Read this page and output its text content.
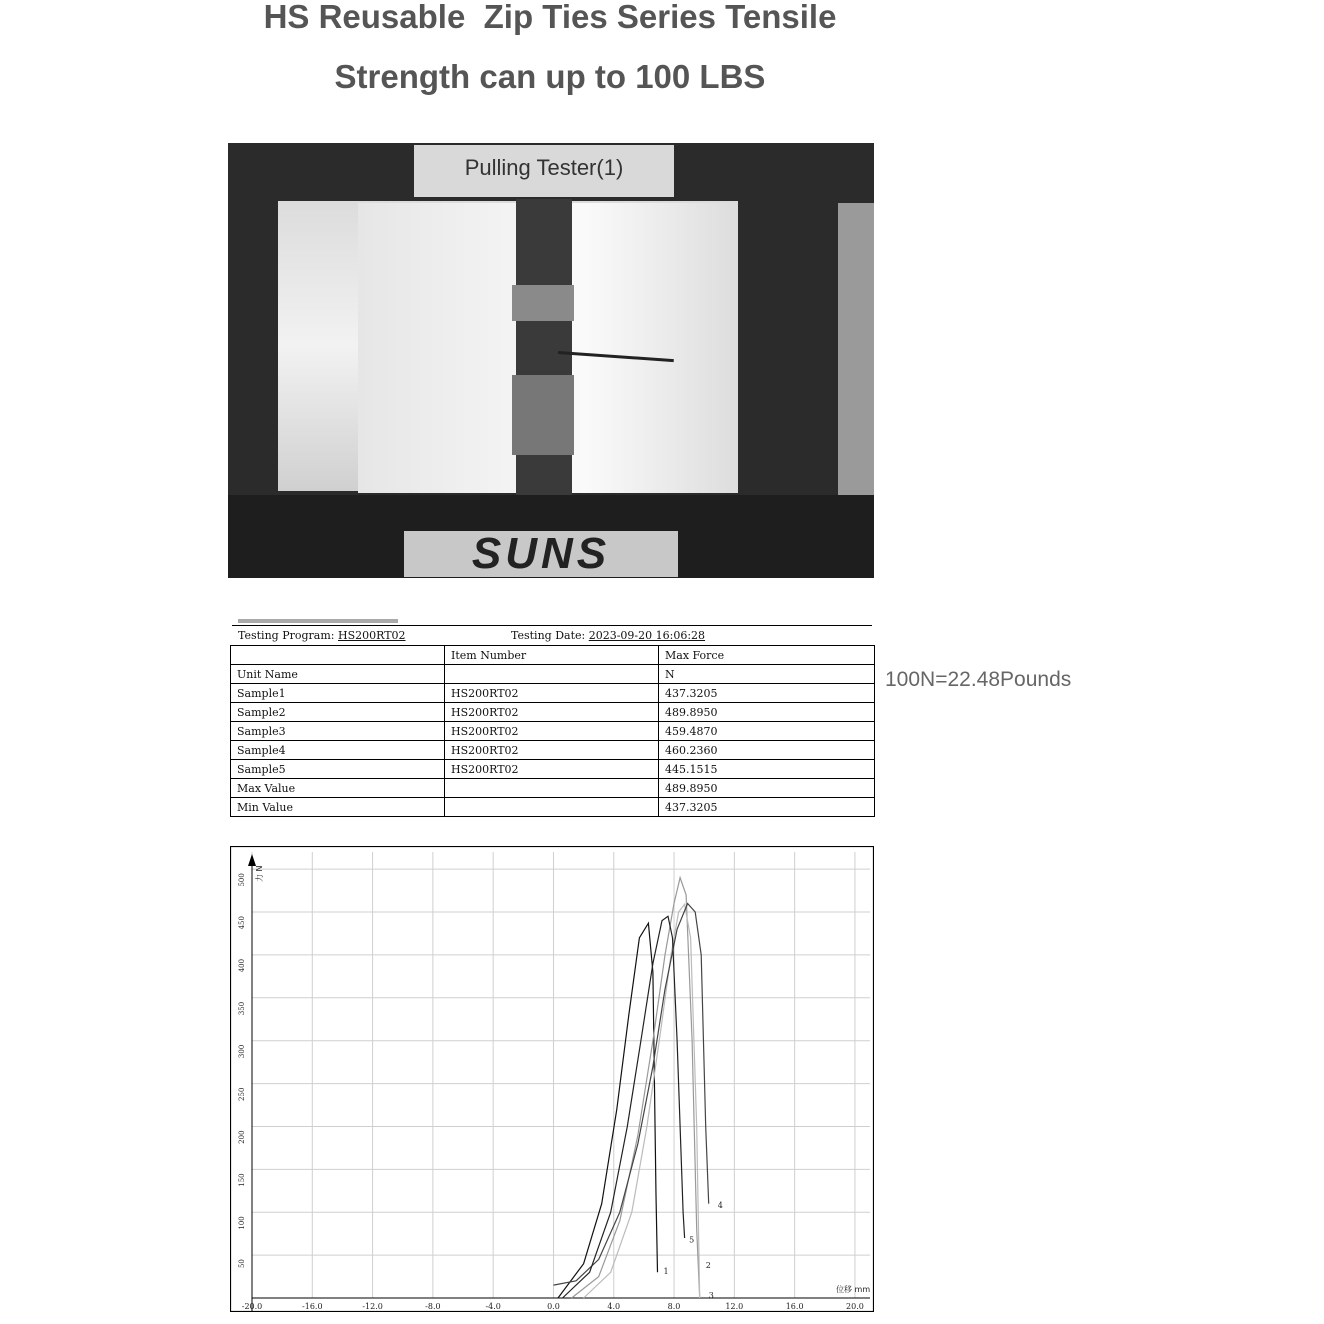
HS Reusable  Zip Ties Series Tensile
Strength can up to 100 LBS
Pulling Tester(1)
SUNS
Testing Program: HS200RT02	Testing Date: 2023-09-20 16:06:28
	Item Number	Max Force
Unit Name		N
Sample1	HS200RT02	437.3205
Sample2	HS200RT02	489.8950
Sample3	HS200RT02	459.4870
Sample4	HS200RT02	460.2360
Sample5	HS200RT02	445.1515
Max Value		489.8950
Min Value		437.3205
100N=22.48Pounds
-20.0	-16.0	-12.0	-8.0	-4.0	0.0	4.0	8.0	12.0	16.0	20.0
50
100
150
200
250
300
350
400
450
500
位移 mm
力 N
1
2
3
4
5
